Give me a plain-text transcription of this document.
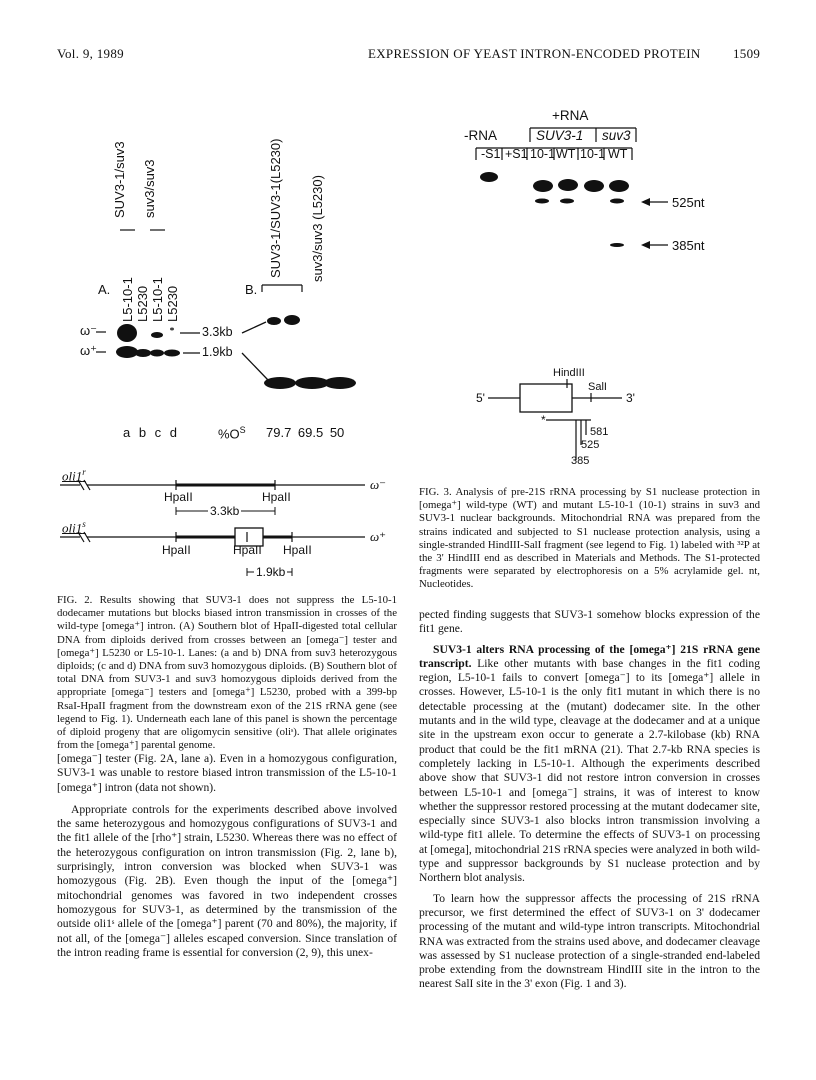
Vol. 9, 1989	EXPRESSION OF YEAST INTRON-ENCODED PROTEIN 1509
L5-10-1 L5230 L5-10-1 L5230
SUV3-1/suv3 suv3/suv3	SUV3-1/SUV3-1(L5230) suv3/suv3 (L5230)
A.	B.
ω⁻
ω⁺
3.3kb
1.9kb
a b c d	$\%O^S$ 79.7 69.5 50
oli1$^r$
oli1$^s$
ω⁻
ω⁺
HpaII	HpaII
3.3kb
HpaII	HpaII HpaII
1.9kb
FIG. 2. Results showing that SUV3-1 does not suppress the L5-10-1 dodecamer mutations but blocks biased intron transmission in crosses of the wild-type [omega⁺] intron. (A) Southern blot of HpaII-digested total cellular DNA from diploids derived from crosses between an [omega⁻] tester and [omega⁺] L5230 or L5-10-1. Lanes: (a and b) DNA from suv3 heterozygous diploids; (c and d) DNA from suv3 homozygous diploids. (B) Southern blot of total DNA from SUV3-1 and suv3 homozygous diploids derived from the appropriate [omega⁻] testers and [omega⁺] L5230, probed with a 399-bp RsaI-HpaII fragment from the downstream exon of the 21S rRNA gene (see legend to Fig. 1). Underneath each lane of this panel is shown the percentage of diploid progeny that are oligomycin sensitive (oliˢ). That allele originates from the [omega⁺] parental genome.
+RNA
-RNA	SUV3-1 suv3
-S1 +S1 10-1 WT 10-1 WT
525nt
385nt
HindIII
SalI
5'	3'
*
581
525
385
FIG. 3. Analysis of pre-21S rRNA processing by S1 nuclease protection in [omega⁺] wild-type (WT) and mutant L5-10-1 (10-1) strains in suv3 and SUV3-1 nuclear backgrounds. Mitochondrial RNA was prepared from the strains indicated and subjected to S1 nuclease protection analysis, using a single-stranded HindIII-SalI fragment (see legend to Fig. 1) labeled with ³²P at the 3' HindIII end as described in Materials and Methods. The S1-protected fragments were separated by electrophoresis on a 5% acrylamide gel. nt, Nucleotides.

[omega⁻] tester (Fig. 2A, lane a). Even in a homozygous configuration, SUV3-1 was unable to restore biased intron transmission of the L5-10-1 [omega⁺] intron (data not shown).

Appropriate controls for the experiments described above involved the same heterozygous and homozygous configurations of SUV3-1 and the fit1 allele of the [rho⁺] strain, L5230. Whereas there was no effect of the heterozygous configuration on intron transmission (Fig. 2, lane b), surprisingly, intron conversion was blocked when SUV3-1 was homozygous (Fig. 2B). Even though the input of the [omega⁺] mitochondrial genomes was favored in two independent crosses homozygous for SUV3-1, as determined by the transmission of the outside oli1ˢ allele of the [omega⁺] parent (70 and 80%), the majority, if not all, of the [omega⁻] alleles escaped conversion. Since translation of the intron reading frame is essential for conversion (2, 9), this unex-

pected finding suggests that SUV3-1 somehow blocks expression of the fit1 gene.

SUV3-1 alters RNA processing of the [omega⁺] 21S rRNA gene transcript. Like other mutants with base changes in the fit1 coding region, L5-10-1 fails to convert [omega⁻] to its [omega⁺] allele in crosses. However, L5-10-1 is the only fit1 mutant in which there is no detectable processing at the (mutant) dodecamer site. In the other mutants and in the wild type, cleavage at the dodecamer and at a unique site in the upstream exon occur to generate a 2.7-kilobase (kb) RNA product that could be the fit1 mRNA (21). That 2.7-kb RNA species is completely lacking in L5-10-1. Although the experiments described above show that SUV3-1 did not restore intron conversion in crosses between L5-10-1 and [omega⁻] strains, it was of interest to know whether the suppressor restored processing at the mutant dodecamer site, especially since SUV3-1 also blocks intron transmission involving a wild-type fit1 allele. To determine the effects of SUV3-1 on processing at [omega], mitochondrial 21S rRNA species were analyzed in both wild-type and suppressor backgrounds by S1 nuclease protection and by Northern blot analysis.

To learn how the suppressor affects the processing of 21S rRNA precursor, we first determined the effect of SUV3-1 on 3' dodecamer processing of the mutant and wild-type intron transcripts. Mitochondrial RNA was extracted from the strains used above, and dodecamer cleavage was assessed by S1 nuclease protection of a single-stranded end-labeled probe extending from the downstream HindIII site in the intron to the nearest SalI site in the 3' exon (Fig. 1 and 3).
